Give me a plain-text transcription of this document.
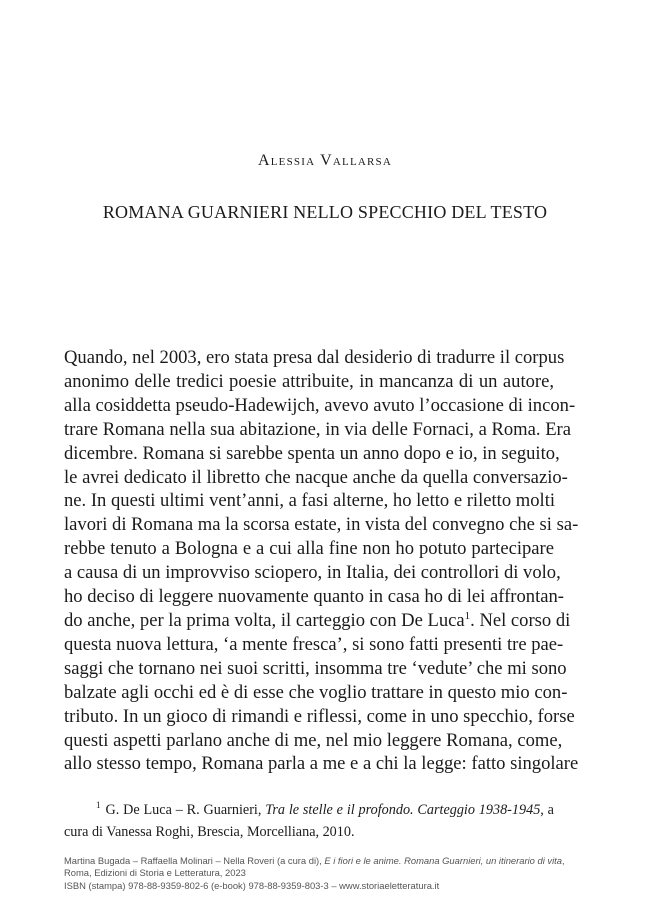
Alessia Vallarsa
ROMANA GUARNIERI NELLO SPECCHIO DEL TESTO
Quando, nel 2003, ero stata presa dal desiderio di tradurre il corpus
anonimo delle tredici poesie attribuite, in mancanza di un autore,
alla cosiddetta pseudo-Hadewijch, avevo avuto l’occasione di incon-
trare Romana nella sua abitazione, in via delle Fornaci, a Roma. Era
dicembre. Romana si sarebbe spenta un anno dopo e io, in seguito,
le avrei dedicato il libretto che nacque anche da quella conversazio-
ne. In questi ultimi vent’anni, a fasi alterne, ho letto e riletto molti
lavori di Romana ma la scorsa estate, in vista del convegno che si sa-
rebbe tenuto a Bologna e a cui alla fine non ho potuto partecipare
a causa di un improvviso sciopero, in Italia, dei controllori di volo,
ho deciso di leggere nuovamente quanto in casa ho di lei affrontan-
do anche, per la prima volta, il carteggio con De Luca$^1$. Nel corso di
questa nuova lettura, ‘a mente fresca’, si sono fatti presenti tre pae-
saggi che tornano nei suoi scritti, insomma tre ‘vedute’ che mi sono
balzate agli occhi ed è di esse che voglio trattare in questo mio con-
tributo. In un gioco di rimandi e riflessi, come in uno specchio, forse
questi aspetti parlano anche di me, nel mio leggere Romana, come,
allo stesso tempo, Romana parla a me e a chi la legge: fatto singolare
$^1$ G. De Luca – R. Guarnieri, Tra le stelle e il profondo. Carteggio 1938-1945, a
cura di Vanessa Roghi, Brescia, Morcelliana, 2010.
Martina Bugada – Raffaella Molinari – Nella Roveri (a cura di), E i fiori e le anime. Romana Guarnieri, un itinerario di vita,
Roma, Edizioni di Storia e Letteratura, 2023
ISBN (stampa) 978-88-9359-802-6 (e-book) 978-88-9359-803-3 – www.storiaeletteratura.it
